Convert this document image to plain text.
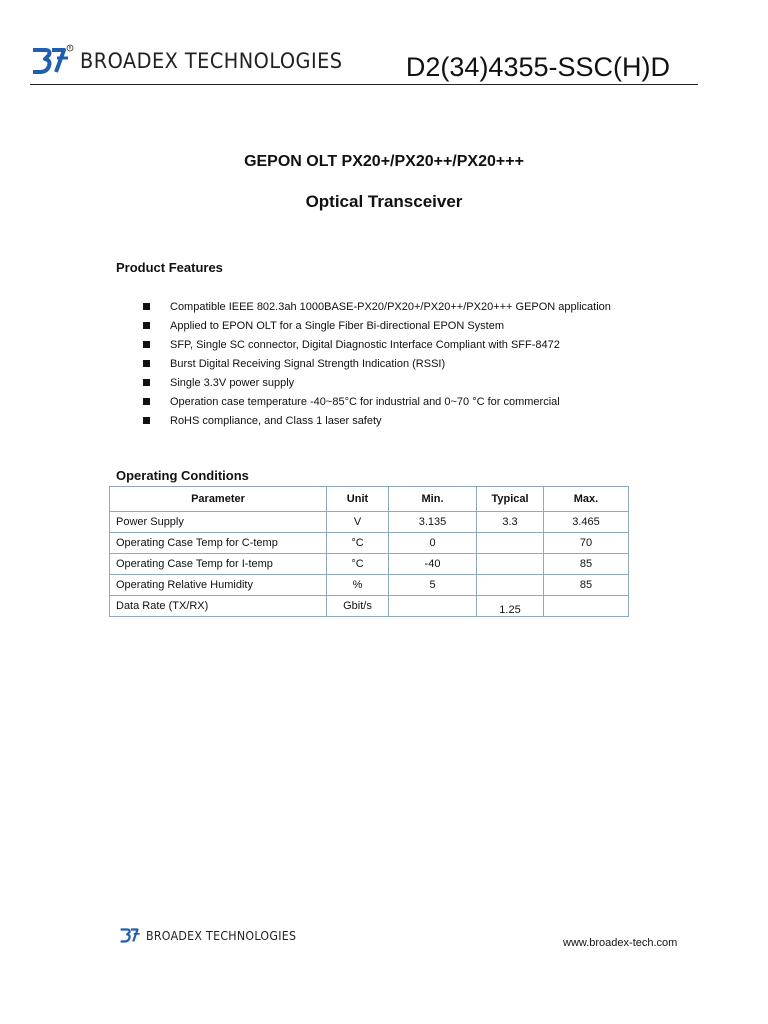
R
BROADEX TECHNOLOGIES D2(34)4355-SSC(H)D
GEPON OLT PX20+/PX20++/PX20+++
Optical Transceiver
Product Features
Compatible IEEE 802.3ah 1000BASE-PX20/PX20+/PX20++/PX20+++ GEPON application
Applied to EPON OLT for a Single Fiber Bi-directional EPON System
SFP, Single SC connector, Digital Diagnostic Interface Compliant with SFF-8472
Burst Digital Receiving Signal Strength Indication (RSSI)
Single 3.3V power supply
Operation case temperature -40~85°C for industrial and 0~70 °C for commercial
RoHS compliance, and Class 1 laser safety
Operating Conditions
Parameter	Unit	Min.	Typical	Max.
Power Supply	V	3.135	3.3	3.465
Operating Case Temp for C-temp	°C	0		70
Operating Case Temp for I-temp	°C	-40		85
Operating Relative Humidity	%	5		85
Data Rate (TX/RX)	Gbit/s		1.25	
BROADEX TECHNOLOGIES
www.broadex-tech.com
